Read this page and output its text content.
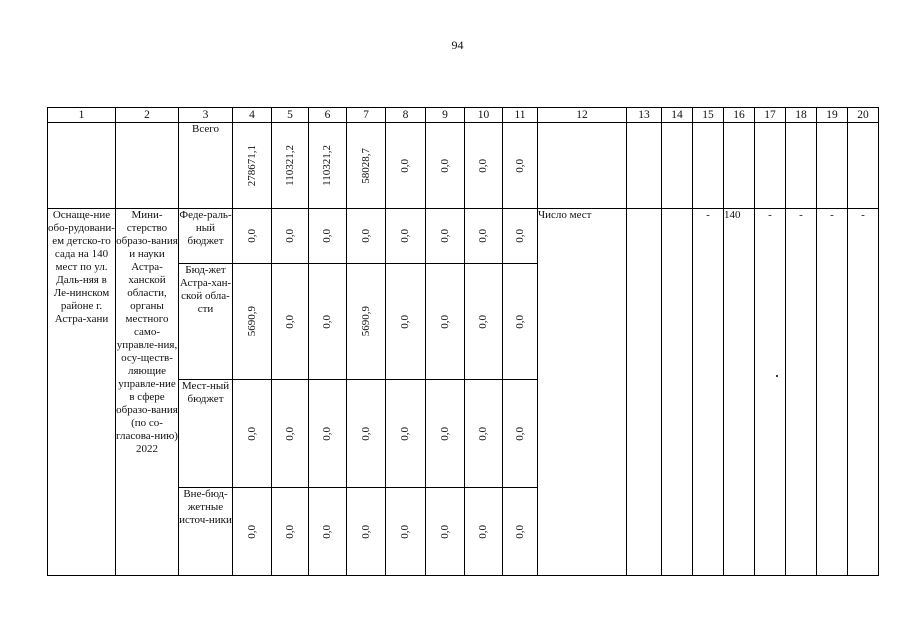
94
1	2	3	4	5	6	7	8	9	10	11	12	13	14	15	16	17	18	19	20
		Всего	278671,1	110321,2	110321,2	58028,7	0,0	0,0	0,0	0,0									

Оснаще-ние обо-рудовани-ем детско-го сада на 140 мест по ул. Даль-няя в Ле-нинском районе г. Астра-хани	Мини-стерство образо-вания и науки Астра-ханской области, органы местного само-управле-ния, осу-ществ-ляющие управле-ние в сфере образо-вания (по со-гласова-нию) 2022	Феде-раль-ный бюджет	0,0	0,0	0,0	0,0	0,0	0,0	0,0	0,0	Число мест			-	140	-	-	-	-
		Бюд-жет Астра-хан-ской обла-сти	5690,9	0,0	0,0	5690,9	0,0	0,0	0,0	0,0									

		Мест-ный бюджет	0,0	0,0	0,0	0,0	0,0	0,0	0,0	0,0									

		Вне-бюд-жетные источ-ники	0,0	0,0	0,0	0,0	0,0	0,0	0,0	0,0									
